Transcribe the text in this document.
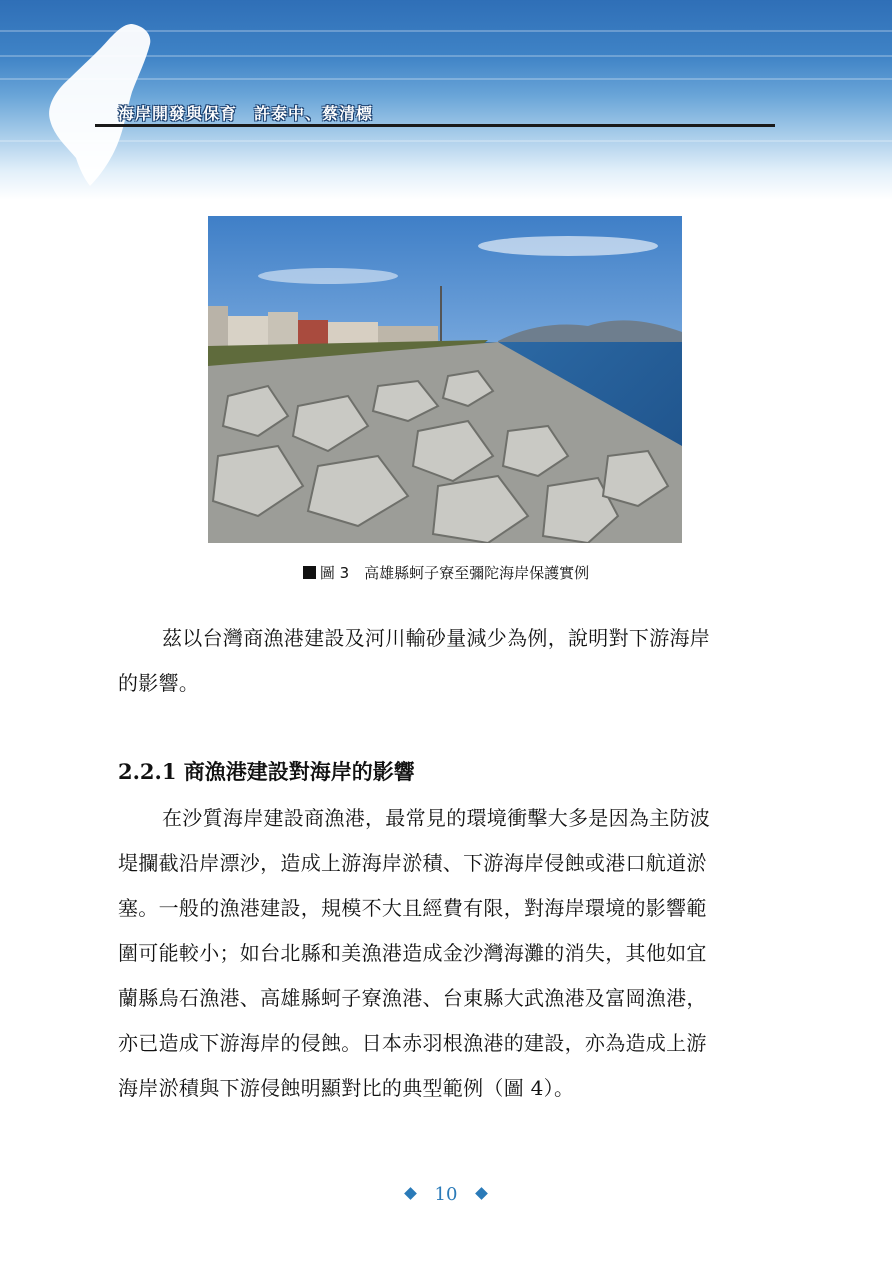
海岸開發與保育　許泰中、蔡清標
圖 3　 高雄縣蚵子寮至彌陀海岸保護實例
茲以台灣商漁港建設及河川輸砂量減少為例，說明對下游海岸
的影響。
2.2.1 商漁港建設對海岸的影響
在沙質海岸建設商漁港，最常見的環境衝擊大多是因為主防波
堤攔截沿岸漂沙，造成上游海岸淤積、下游海岸侵蝕或港口航道淤
塞。一般的漁港建設，規模不大且經費有限，對海岸環境的影響範
圍可能較小；如台北縣和美漁港造成金沙灣海灘的消失，其他如宜
蘭縣烏石漁港、高雄縣蚵子寮漁港、台東縣大武漁港及富岡漁港，
亦已造成下游海岸的侵蝕。日本赤羽根漁港的建設，亦為造成上游
海岸淤積與下游侵蝕明顯對比的典型範例（圖 4）。
10
